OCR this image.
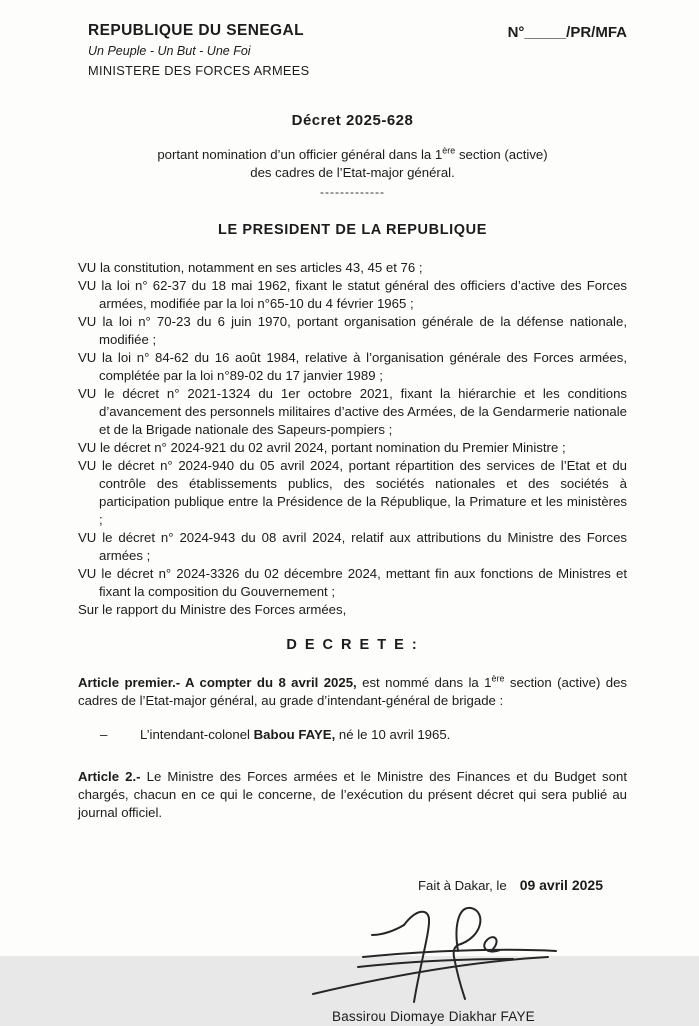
REPUBLIQUE DU SENEGAL
Un Peuple - Un But - Une Foi
MINISTERE DES FORCES ARMEES
N°_____/PR/MFA
Décret 2025-628
portant nomination d’un officier général dans la 1ère section (active)
des cadres de l’Etat-major général.
-------------
LE PRESIDENT DE LA REPUBLIQUE

VU la constitution, notamment en ses articles 43, 45 et 76 ;

VU la loi n° 62-37 du 18 mai 1962, fixant le statut général des officiers d’active des Forces armées, modifiée par la loi n°65-10 du 4 février 1965 ;

VU la loi n° 70-23 du 6 juin 1970, portant organisation générale de la défense nationale, modifiée ;

VU la loi n° 84-62 du 16 août 1984, relative à l’organisation générale des Forces armées, complétée par la loi n°89-02 du 17 janvier 1989 ;

VU le décret n° 2021-1324 du 1er octobre 2021, fixant la hiérarchie et les conditions d’avancement des personnels militaires d’active des Armées, de la Gendarmerie nationale et de la Brigade nationale des Sapeurs-pompiers ;

VU le décret n° 2024-921 du 02 avril 2024, portant nomination du Premier Ministre ;

VU le décret n° 2024-940 du 05 avril 2024, portant répartition des services de l’Etat et du contrôle des établissements publics, des sociétés nationales et des sociétés à participation publique entre la Présidence de la République, la Primature et les ministères ;

VU le décret n° 2024-943 du 08 avril 2024, relatif aux attributions du Ministre des Forces armées ;

VU le décret n° 2024-3326 du 02 décembre 2024, mettant fin aux fonctions de Ministres et fixant la composition du Gouvernement ;

Sur le rapport du Ministre des Forces armées,

D E C R E T E :

Article premier.- A compter du 8 avril 2025, est nommé dans la 1ère section (active) des cadres de l’Etat-major général, au grade d’intendant-général de brigade :

– L’intendant-colonel Babou FAYE, né le 10 avril 1965.

Article 2.- Le Ministre des Forces armées et le Ministre des Finances et du Budget sont chargés, chacun en ce qui le concerne, de l’exécution du présent décret qui sera publié au journal officiel.

Fait à Dakar, le 09 avril 2025
Bassirou Diomaye Diakhar FAYE
